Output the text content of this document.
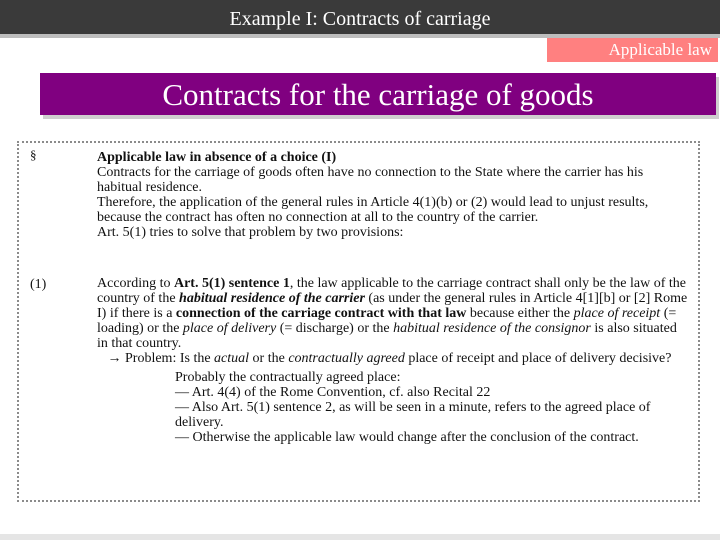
Example I: Contracts of carriage
Applicable law
Contracts for the carriage of goods
§
(1)

Applicable law in absence of a choice (I)

Contracts for the carriage of goods often have no connection to the State where the carrier has his habitual residence.

Therefore, the application of the general rules in Article 4(1)(b) or (2) would lead to unjust results, because the contract has often no connection at all to the country of the carrier.

Art. 5(1) tries to solve that problem by two provisions:

According to Art. 5(1) sentence 1, the law applicable to the carriage contract shall only be the law of the country of the habitual residence of the carrier (as under the general rules in Article 4[1][b] or [2] Rome I) if there is a connection of the carriage contract with that law because either the place of receipt (= loading) or the place of delivery (= discharge) or the habitual residence of the consignor is also situated in that country.

→ Problem: Is the actual or the contractually agreed place of receipt and place of delivery decisive?

Probably the contractually agreed place:

— Art. 4(4) of the Rome Convention, cf. also Recital 22

— Also Art. 5(1) sentence 2, as will be seen in a minute, refers to the agreed place of delivery.

— Otherwise the applicable law would change after the conclusion of the contract.
